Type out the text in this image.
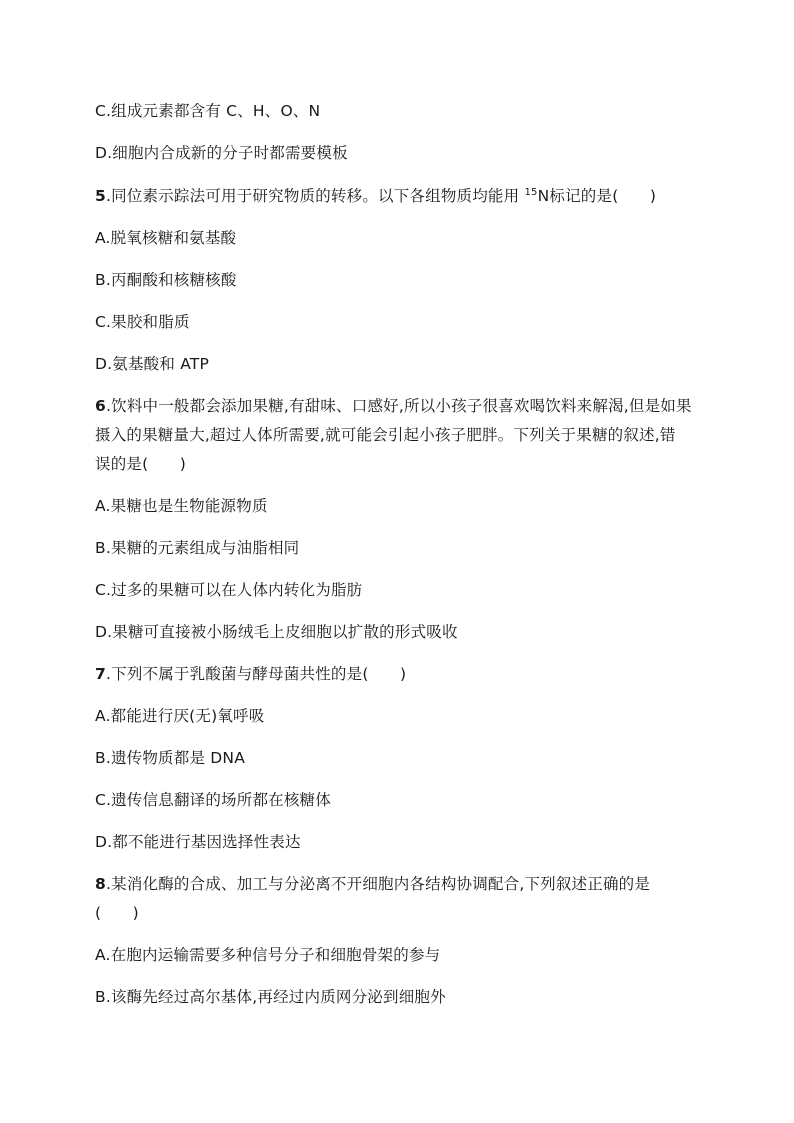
C.组成元素都含有 C、H、O、N
D.细胞内合成新的分子时都需要模板
5.同位素示踪法可用于研究物质的转移。以下各组物质均能用 $^{15}$N标记的是(　　)
A.脱氧核糖和氨基酸
B.丙酮酸和核糖核酸
C.果胶和脂质
D.氨基酸和 ATP
6.饮料中一般都会添加果糖,有甜味、口感好,所以小孩子很喜欢喝饮料来解渴,但是如果
摄入的果糖量大,超过人体所需要,就可能会引起小孩子肥胖。下列关于果糖的叙述,错
误的是(　　)
A.果糖也是生物能源物质
B.果糖的元素组成与油脂相同
C.过多的果糖可以在人体内转化为脂肪
D.果糖可直接被小肠绒毛上皮细胞以扩散的形式吸收
7.下列不属于乳酸菌与酵母菌共性的是(　　)
A.都能进行厌(无)氧呼吸
B.遗传物质都是 DNA
C.遗传信息翻译的场所都在核糖体
D.都不能进行基因选择性表达
8.某消化酶的合成、加工与分泌离不开细胞内各结构协调配合,下列叙述正确的是
(　　)
A.在胞内运输需要多种信号分子和细胞骨架的参与
B.该酶先经过高尔基体,再经过内质网分泌到细胞外
